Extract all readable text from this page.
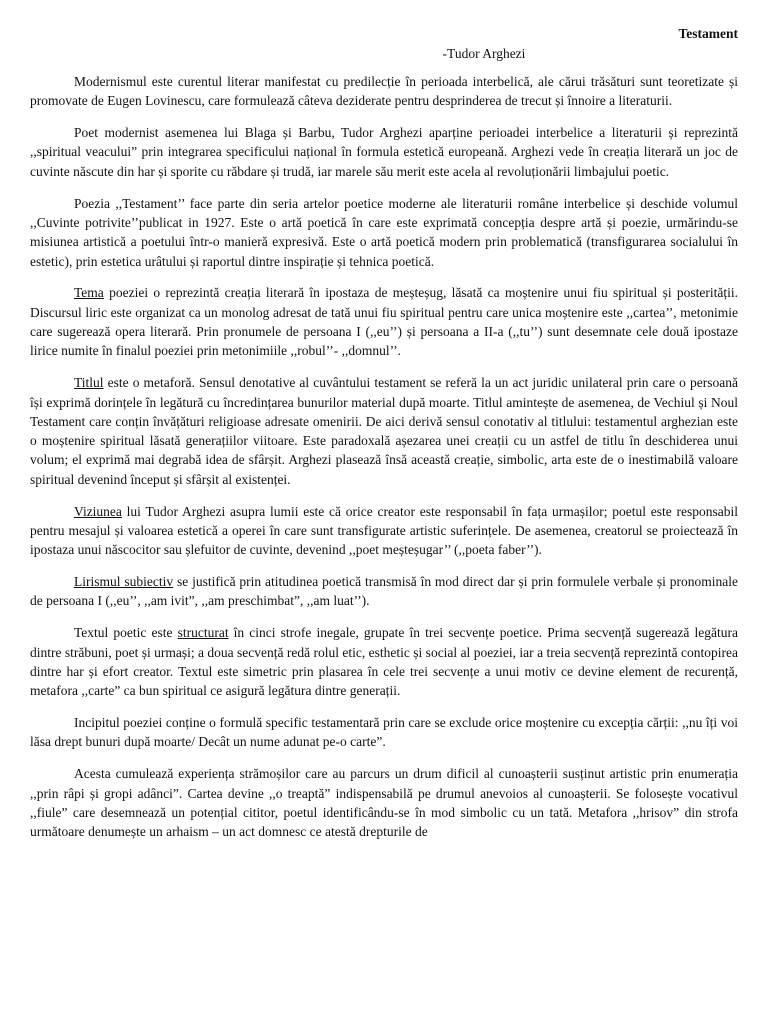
Testament
-Tudor Arghezi

Modernismul este curentul literar manifestat cu predilecție în perioada interbelică, ale cărui trăsături sunt teoretizate și promovate de Eugen Lovinescu, care formulează câteva deziderate pentru desprinderea de trecut și înnoire a literaturii.

Poet modernist asemenea lui Blaga și Barbu, Tudor Arghezi aparține perioadei interbelice a literaturii și reprezintă ,,spiritual veacului” prin integrarea specificului național în formula estetică europeană. Arghezi vede în creația literară un joc de cuvinte născute din har și sporite cu răbdare și trudă, iar marele său merit este acela al revoluționării limbajului poetic.

Poezia ,,Testament’’ face parte din seria artelor poetice moderne ale literaturii române interbelice și deschide volumul ,,Cuvinte potrivite’’publicat in 1927. Este o artă poetică în care este exprimată concepția despre artă și poezie, urmărindu-se misiunea artistică a poetului într-o manieră expresivă. Este o artă poetică modern prin problematică (transfigurarea socialului în estetic), prin estetica urâtului și raportul dintre inspirație și tehnica poetică.

Tema poeziei o reprezintă creația literară în ipostaza de meșteșug, lăsată ca moștenire unui fiu spiritual și posterității. Discursul liric este organizat ca un monolog adresat de tată unui fiu spiritual pentru care unica moștenire este ,,cartea’’, metonimie care sugerează opera literară. Prin pronumele de persoana I (,,eu’’) și persoana a II-a (,,tu’’) sunt desemnate cele două ipostaze lirice numite în finalul poeziei prin metonimiile ,,robul’’- ,,domnul’’.

Titlul este o metaforă. Sensul denotative al cuvântului testament se referă la un act juridic unilateral prin care o persoană își exprimă dorințele în legătură cu încredințarea bunurilor material după moarte. Titlul amintește de asemenea, de Vechiul și Noul Testament care conțin învățături religioase adresate omenirii. De aici derivă sensul conotativ al titlului: testamentul arghezian este o moștenire spiritual lăsată generațiilor viitoare. Este paradoxală așezarea unei creații cu un astfel de titlu în deschiderea unui volum; el exprimă mai degrabă idea de sfârșit. Arghezi plasează însă această creație, simbolic, arta este de o inestimabilă valoare spiritual devenind început și sfârșit al existenței.

Viziunea lui Tudor Arghezi asupra lumii este că orice creator este responsabil în fața urmașilor; poetul este responsabil pentru mesajul și valoarea estetică a operei în care sunt transfigurate artistic suferințele. De asemenea, creatorul se proiectează în ipostaza unui născocitor sau șlefuitor de cuvinte, devenind ,,poet meșteșugar’’ (,,poeta faber’’).

Lirismul subiectiv se justifică prin atitudinea poetică transmisă în mod direct dar și prin formulele verbale și pronominale de persoana I (,,eu’’, ,,am ivit”, ,,am preschimbat”, ,,am luat’’).

Textul poetic este structurat în cinci strofe inegale, grupate în trei secvențe poetice. Prima secvență sugerează legătura dintre străbuni, poet și urmași; a doua secvență redă rolul etic, esthetic și social al poeziei, iar a treia secvență reprezintă contopirea dintre har și efort creator. Textul este simetric prin plasarea în cele trei secvențe a unui motiv ce devine element de recurență, metafora ,,carte” ca bun spiritual ce asigură legătura dintre generații.

Incipitul poeziei conține o formulă specific testamentară prin care se exclude orice moștenire cu excepția cărții: ,,nu îți voi lăsa drept bunuri după moarte/ Decât un nume adunat pe-o carte”.

Acesta cumulează experiența strămoșilor care au parcurs un drum dificil al cunoașterii susținut artistic prin enumerația ,,prin râpi și gropi adânci”. Cartea devine ,,o treaptă” indispensabilă pe drumul anevoios al cunoașterii. Se folosește vocativul ,,fiule” care desemnează un potențial cititor, poetul identificându-se în mod simbolic cu un tată. Metafora ,,hrisov” din strofa următoare denumește un arhaism – un act domnesc ce atestă drepturile de
